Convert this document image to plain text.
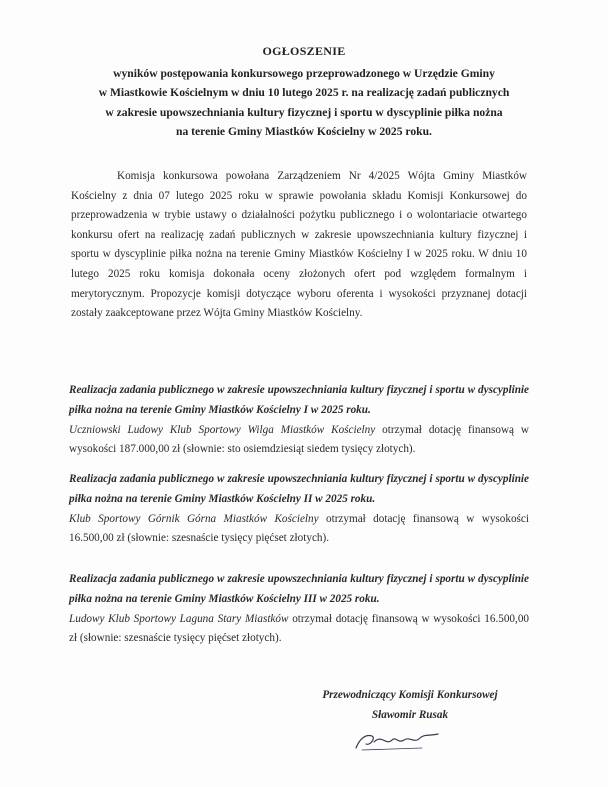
OGŁOSZENIE
wyników postępowania konkursowego przeprowadzonego w Urzędzie Gminy
w Miastkowie Kościelnym w dniu 10 lutego 2025 r. na realizację zadań publicznych
w zakresie upowszechniania kultury fizycznej i sportu w dyscyplinie piłka nożna
na terenie Gminy Miastków Kościelny w 2025 roku.

Komisja konkursowa powołana Zarządzeniem Nr 4/2025 Wójta Gminy Miastków Kościelny z dnia 07 lutego 2025 roku w sprawie powołania składu Komisji Konkursowej do przeprowadzenia w trybie ustawy o działalności pożytku publicznego i o wolontariacie otwartego konkursu ofert na realizację zadań publicznych w zakresie upowszechniania kultury fizycznej i sportu w dyscyplinie piłka nożna na terenie Gminy Miastków Kościelny I w 2025 roku. W dniu 10 lutego 2025 roku komisja dokonała oceny złożonych ofert pod względem formalnym i merytorycznym. Propozycje komisji dotyczące wyboru oferenta i wysokości przyznanej dotacji zostały zaakceptowane przez Wójta Gminy Miastków Kościelny.

Realizacja zadania publicznego w zakresie upowszechniania kultury fizycznej i sportu w dyscyplinie piłka nożna na terenie Gminy Miastków Kościelny I w 2025 roku.
Uczniowski Ludowy Klub Sportowy Wilga Miastków Kościelny otrzymał dotację finansową w wysokości 187.000,00 zł (słownie: sto osiemdziesiąt siedem tysięcy złotych).
Realizacja zadania publicznego w zakresie upowszechniania kultury fizycznej i sportu w dyscyplinie piłka nożna na terenie Gminy Miastków Kościelny II w 2025 roku.
Klub Sportowy Górnik Górna Miastków Kościelny otrzymał dotację finansową w wysokości 16.500,00 zł (słownie: szesnaście tysięcy pięćset złotych).
Realizacja zadania publicznego w zakresie upowszechniania kultury fizycznej i sportu w dyscyplinie piłka nożna na terenie Gminy Miastków Kościelny III w 2025 roku.
Ludowy Klub Sportowy Laguna Stary Miastków otrzymał dotację finansową w wysokości 16.500,00 zł (słownie: szesnaście tysięcy pięćset złotych).
Przewodniczący Komisji Konkursowej
Sławomir Rusak
